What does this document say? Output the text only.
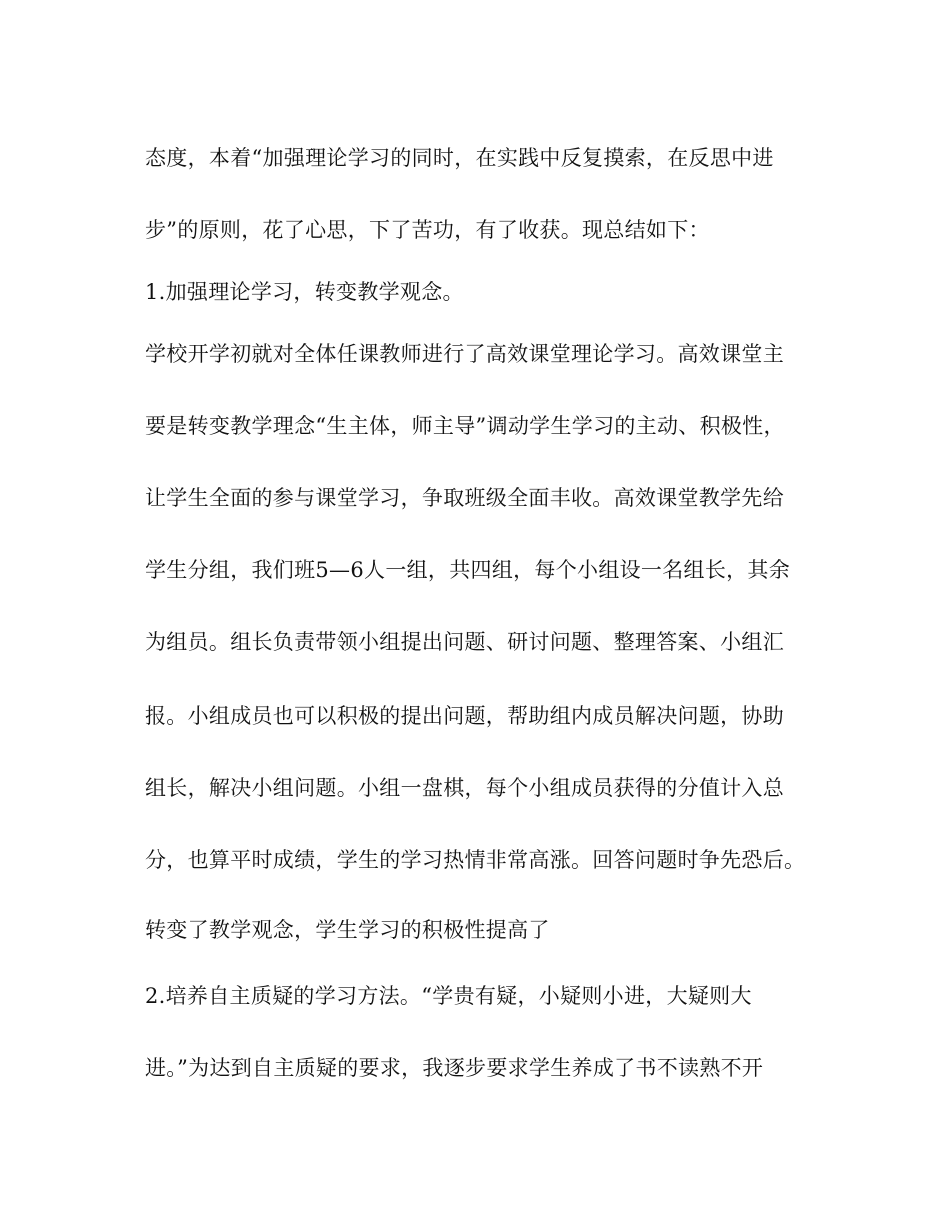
态度，本着“加强理论学习的同时，在实践中反复摸索，在反思中进
步”的原则，花了心思，下了苦功，有了收获。现总结如下：
1.加强理论学习，转变教学观念。
学校开学初就对全体任课教师进行了高效课堂理论学习。高效课堂主
要是转变教学理念“生主体，师主导”调动学生学习的主动、积极性，
让学生全面的参与课堂学习，争取班级全面丰收。高效课堂教学先给
学生分组，我们班5—6人一组，共四组，每个小组设一名组长，其余
为组员。组长负责带领小组提出问题、研讨问题、整理答案、小组汇
报。小组成员也可以积极的提出问题，帮助组内成员解决问题，协助
组长，解决小组问题。小组一盘棋，每个小组成员获得的分值计入总
分，也算平时成绩，学生的学习热情非常高涨。回答问题时争先恐后。
转变了教学观念，学生学习的积极性提高了
2.培养自主质疑的学习方法。“学贵有疑，小疑则小进，大疑则大
进。”为达到自主质疑的要求，我逐步要求学生养成了书不读熟不开
